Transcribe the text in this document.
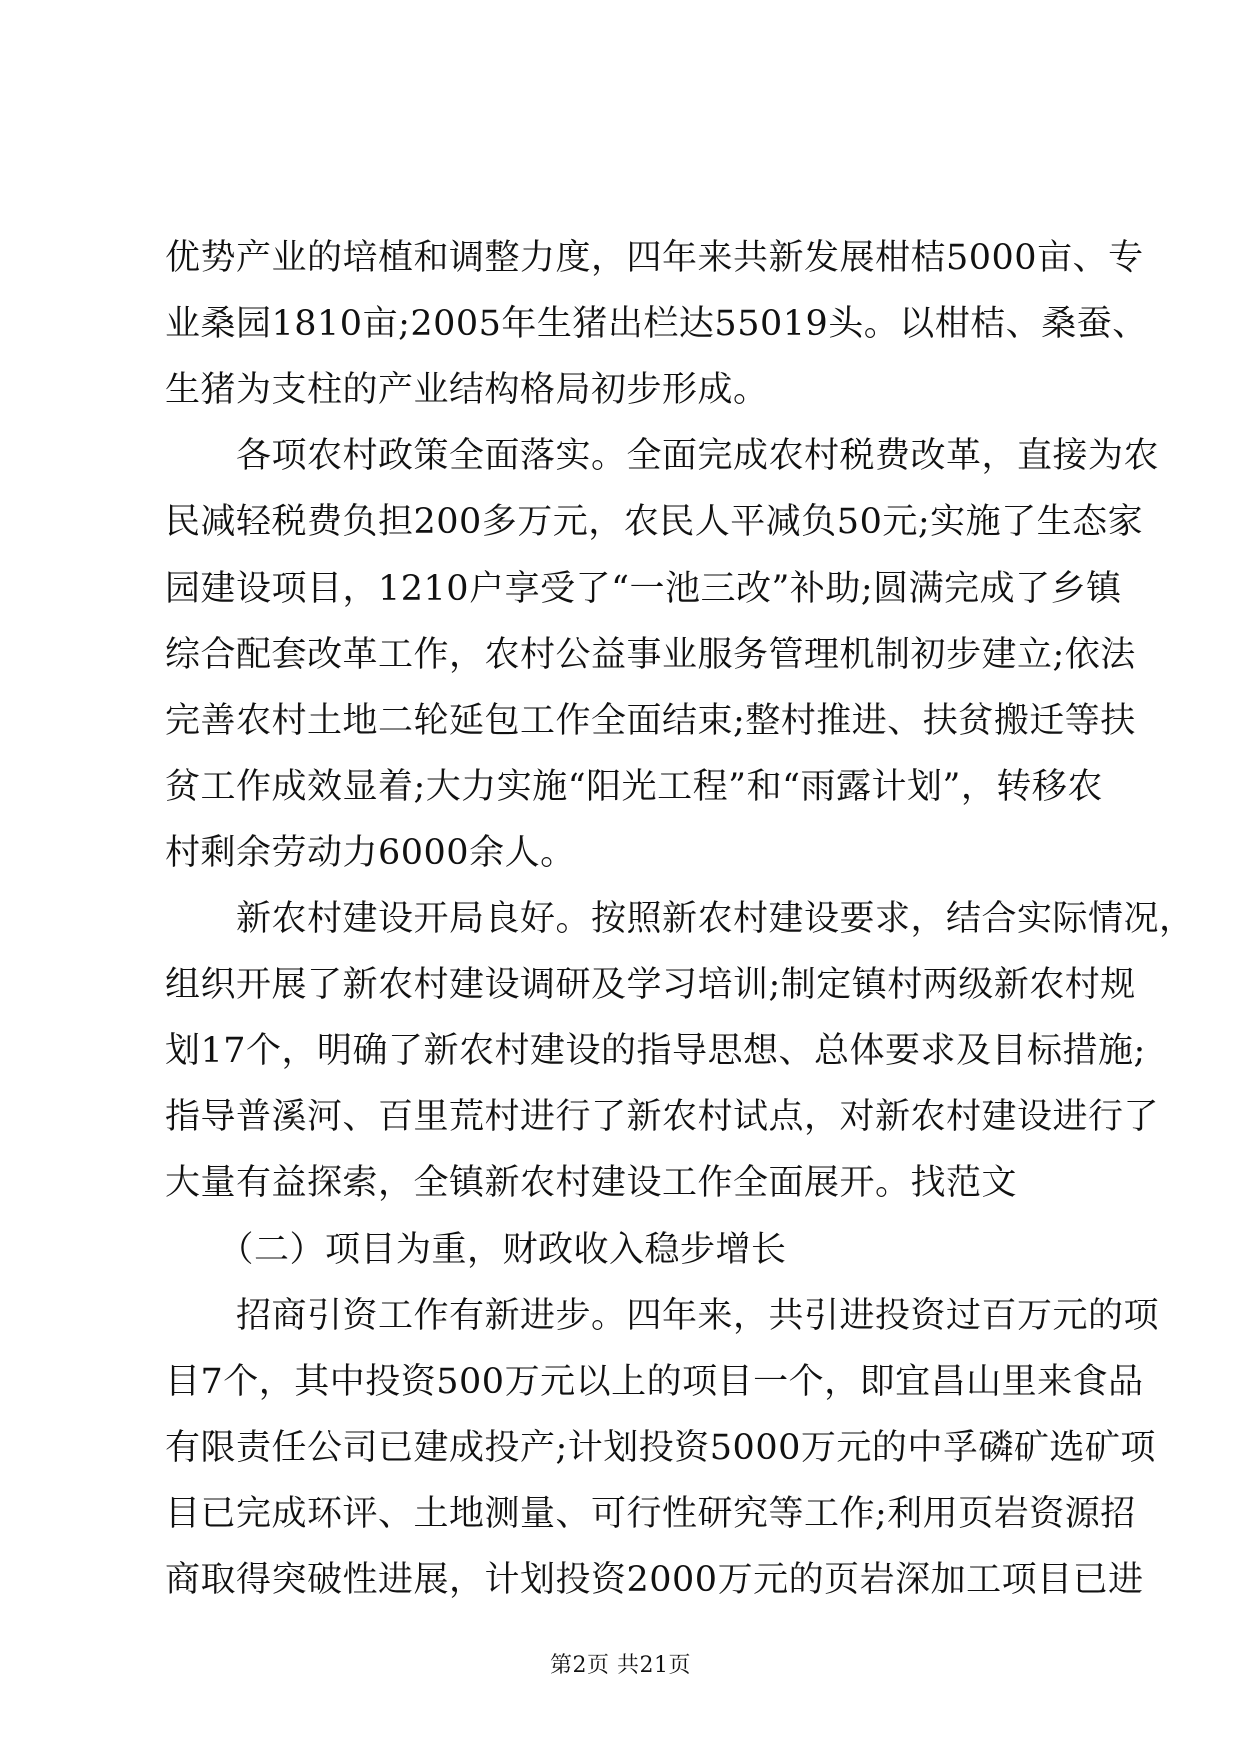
优势产业的培植和调整力度，四年来共新发展柑桔5000亩、专
业桑园1810亩;2005年生猪出栏达55019头。以柑桔、桑蚕、
生猪为支柱的产业结构格局初步形成。
　　各项农村政策全面落实。全面完成农村税费改革，直接为农
民减轻税费负担200多万元，农民人平减负50元;实施了生态家
园建设项目，1210户享受了“一池三改”补助;圆满完成了乡镇
综合配套改革工作，农村公益事业服务管理机制初步建立;依法
完善农村土地二轮延包工作全面结束;整村推进、扶贫搬迁等扶
贫工作成效显着;大力实施“阳光工程”和“雨露计划”，转移农
村剩余劳动力6000余人。
　　新农村建设开局良好。按照新农村建设要求，结合实际情况，
组织开展了新农村建设调研及学习培训;制定镇村两级新农村规
划17个，明确了新农村建设的指导思想、总体要求及目标措施;
指导普溪河、百里荒村进行了新农村试点，对新农村建设进行了
大量有益探索，全镇新农村建设工作全面展开。找范文
　　（二）项目为重，财政收入稳步增长
　　招商引资工作有新进步。四年来，共引进投资过百万元的项
目7个，其中投资500万元以上的项目一个，即宜昌山里来食品
有限责任公司已建成投产;计划投资5000万元的中孚磷矿选矿项
目已完成环评、土地测量、可行性研究等工作;利用页岩资源招
商取得突破性进展，计划投资2000万元的页岩深加工项目已进
第2页 共21页
